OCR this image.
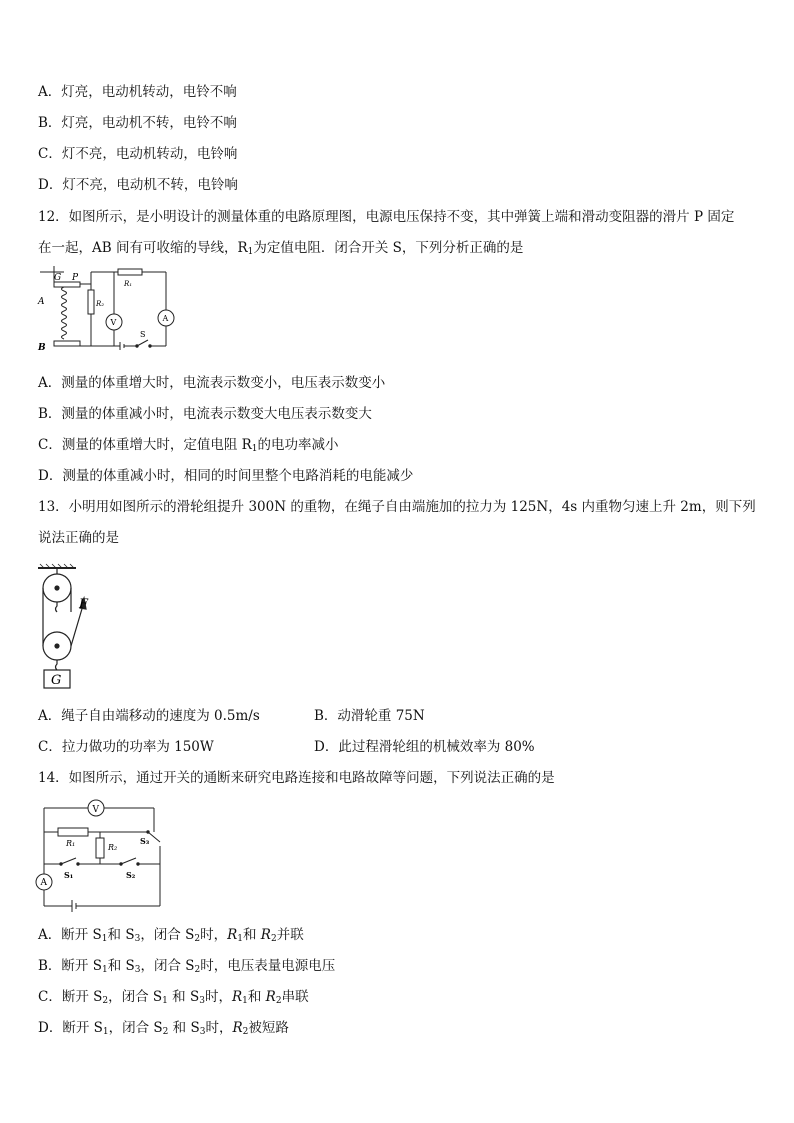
A．灯亮，电动机转动，电铃不响
B．灯亮，电动机不转，电铃不响
C．灯不亮，电动机转动，电铃响
D．灯不亮，电动机不转，电铃响
12．如图所示，是小明设计的测量体重的电路原理图，电源电压保持不变，其中弹簧上端和滑动变阻器的滑片 P 固定
在一起，AB 间有可收缩的导线，$R_1$为定值电阻．闭合开关 S，下列分析正确的是
A
B
G P
R₂
R₁
V	A
S
A．测量的体重增大时，电流表示数变小，电压表示数变小
B．测量的体重减小时，电流表示数变大电压表示数变大
C．测量的体重增大时，定值电阻 $R_1$的电功率减小
D．测量的体重减小时，相同的时间里整个电路消耗的电能减少
13．小明用如图所示的滑轮组提升 300N 的重物，在绳子自由端施加的拉力为 125N，4s 内重物匀速上升 2m，则下列
说法正确的是
F
G
A．绳子自由端移动的速度为 0.5m/s	B．动滑轮重 75N
C．拉力做功的功率为 150W	D．此过程滑轮组的机械效率为 80%
14．如图所示，通过开关的通断来研究电路连接和电路故障等问题，下列说法正确的是
V
R₁	R₂
S₃
S₁	S₂
A
A．断开 $S_1$和 $S_3$，闭合 $S_2$时，$R_1$和 $R_2$并联
B．断开 $S_1$和 $S_3$，闭合 $S_2$时，电压表量电源电压
C．断开 $S_2$，闭合 $S_1$ 和 $S_3$时，$R_1$和 $R_2$串联
D．断开 $S_1$，闭合 $S_2$ 和 $S_3$时，$R_2$被短路
